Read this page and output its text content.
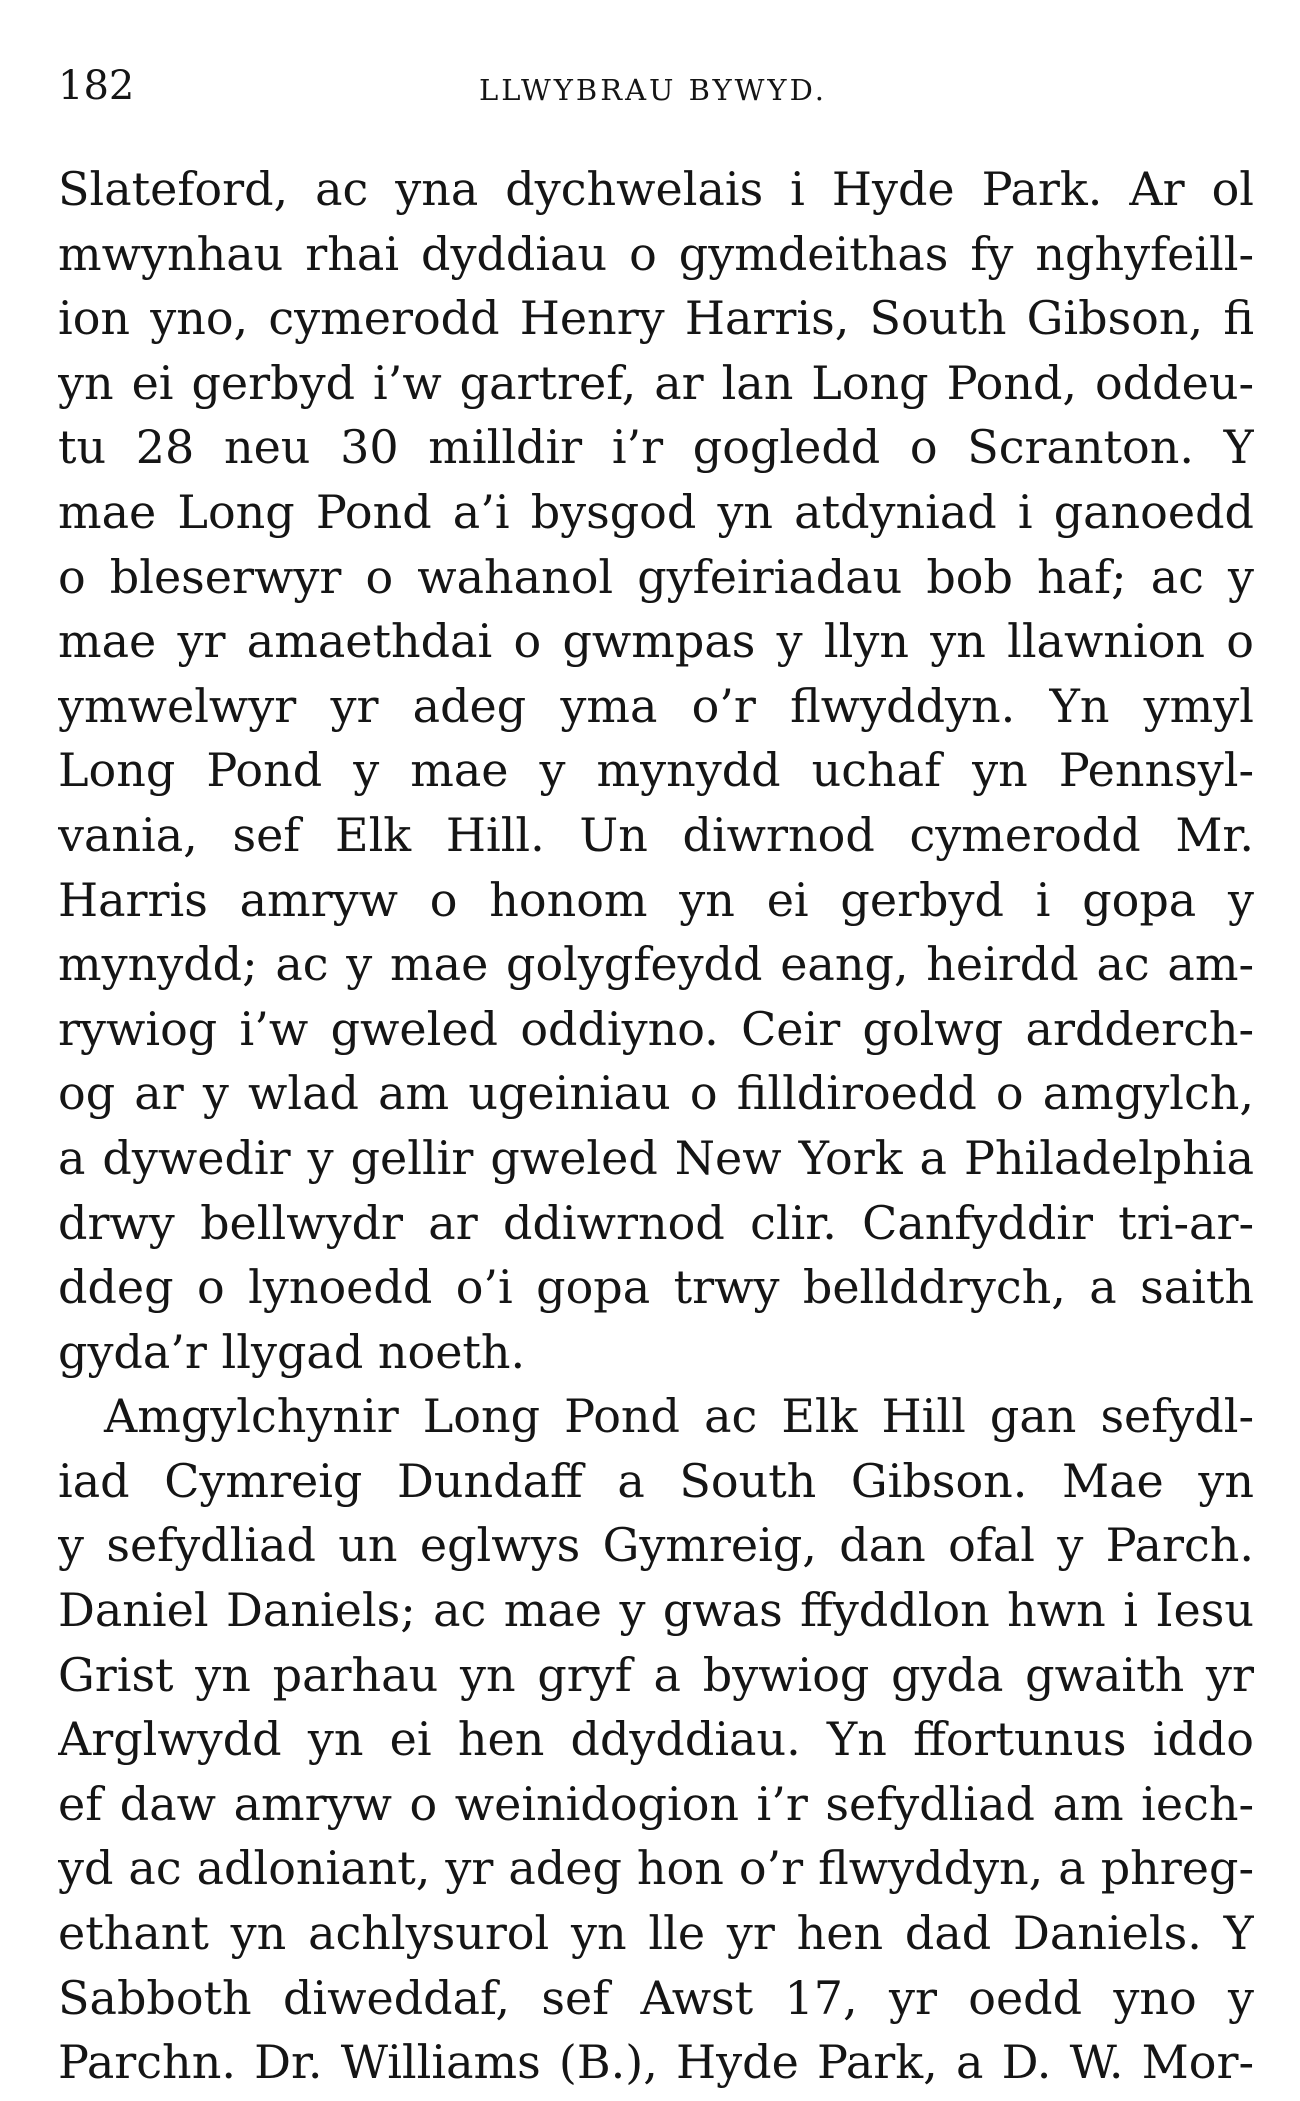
182	LLWYBRAU BYWYD.
Slateford, ac yna dychwelais i Hyde Park. Ar ol
mwynhau rhai dyddiau o gymdeithas fy nghyfeill-
ion yno, cymerodd Henry Harris, South Gibson, fi
yn ei gerbyd i’w gartref, ar lan Long Pond, oddeu-
tu 28 neu 30 milldir i’r gogledd o Scranton. Y
mae Long Pond a’i bysgod yn atdyniad i ganoedd
o bleserwyr o wahanol gyfeiriadau bob haf; ac y
mae yr amaethdai o gwmpas y llyn yn llawnion o
ymwelwyr yr adeg yma o’r flwyddyn. Yn ymyl
Long Pond y mae y mynydd uchaf yn Pennsyl-
vania, sef Elk Hill. Un diwrnod cymerodd Mr.
Harris amryw o honom yn ei gerbyd i gopa y
mynydd; ac y mae golygfeydd eang, heirdd ac am-
rywiog i’w gweled oddiyno. Ceir golwg ardderch-
og ar y wlad am ugeiniau o filldiroedd o amgylch,
a dywedir y gellir gweled New York a Philadelphia
drwy bellwydr ar ddiwrnod clir. Canfyddir tri-ar-
ddeg o lynoedd o’i gopa trwy bellddrych, a saith
gyda’r llygad noeth.
Amgylchynir Long Pond ac Elk Hill gan sefydl-
iad Cymreig Dundaff a South Gibson. Mae yn
y sefydliad un eglwys Gymreig, dan ofal y Parch.
Daniel Daniels; ac mae y gwas ffyddlon hwn i Iesu
Grist yn parhau yn gryf a bywiog gyda gwaith yr
Arglwydd yn ei hen ddyddiau. Yn ffortunus iddo
ef daw amryw o weinidogion i’r sefydliad am iech-
yd ac adloniant, yr adeg hon o’r flwyddyn, a phreg-
ethant yn achlysurol yn lle yr hen dad Daniels. Y
Sabboth diweddaf, sef Awst 17, yr oedd yno y
Parchn. Dr. Williams (B.), Hyde Park, a D. W. Mor-
